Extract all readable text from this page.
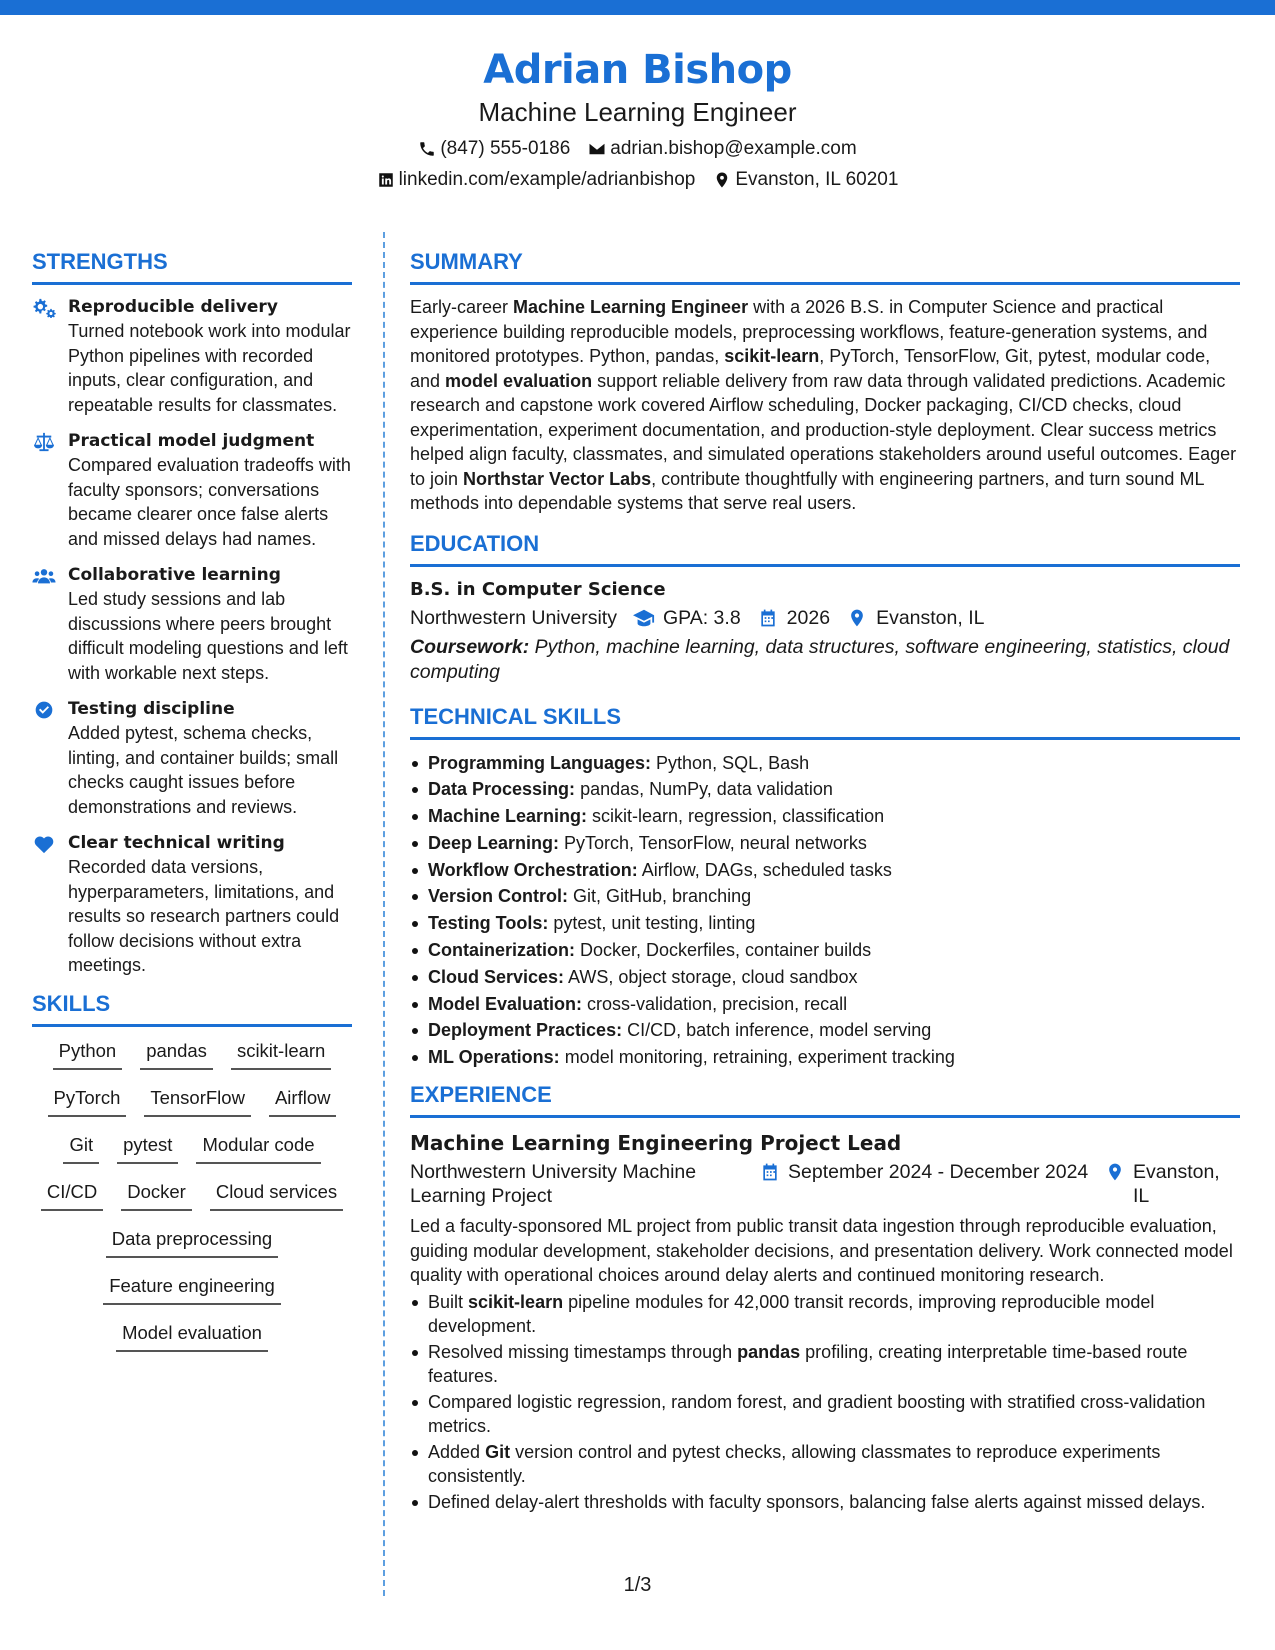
Adrian Bishop
Machine Learning Engineer
(847) 555-0186 adrian.bishop@example.com
linkedin.com/example/adrianbishop Evanston, IL 60201
STRENGTHS
Reproducible delivery
Turned notebook work into modular Python pipelines with recorded inputs, clear configuration, and repeatable results for classmates.
Practical model judgment
Compared evaluation tradeoffs with faculty sponsors; conversations became clearer once false alerts and missed delays had names.
Collaborative learning
Led study sessions and lab discussions where peers brought difficult modeling questions and left with workable next steps.
Testing discipline
Added pytest, schema checks, linting, and container builds; small checks caught issues before demonstrations and reviews.
Clear technical writing
Recorded data versions, hyperparameters, limitations, and results so research partners could follow decisions without extra meetings.
SKILLS
Python	pandas	scikit-learn
PyTorch	TensorFlow	Airflow
Git	pytest	Modular code
CI/CD	Docker	Cloud services
Data preprocessing
Feature engineering
Model evaluation
SUMMARY
Early-career Machine Learning Engineer with a 2026 B.S. in Computer Science and practical experience building reproducible models, preprocessing workflows, feature-generation systems, and monitored prototypes. Python, pandas, scikit-learn, PyTorch, TensorFlow, Git, pytest, modular code, and model evaluation support reliable delivery from raw data through validated predictions. Academic research and capstone work covered Airflow scheduling, Docker packaging, CI/CD checks, cloud experimentation, experiment documentation, and production-style deployment. Clear success metrics helped align faculty, classmates, and simulated operations stakeholders around useful outcomes. Eager to join Northstar Vector Labs, contribute thoughtfully with engineering partners, and turn sound ML methods into dependable systems that serve real users.
EDUCATION
B.S. in Computer Science
Northwestern University GPA: 3.8 2026 Evanston, IL
Coursework: Python, machine learning, data structures, software engineering, statistics, cloud computing
TECHNICAL SKILLS
Programming Languages: Python, SQL, Bash
Data Processing: pandas, NumPy, data validation
Machine Learning: scikit-learn, regression, classification
Deep Learning: PyTorch, TensorFlow, neural networks
Workflow Orchestration: Airflow, DAGs, scheduled tasks
Version Control: Git, GitHub, branching
Testing Tools: pytest, unit testing, linting
Containerization: Docker, Dockerfiles, container builds
Cloud Services: AWS, object storage, cloud sandbox
Model Evaluation: cross-validation, precision, recall
Deployment Practices: CI/CD, batch inference, model serving
ML Operations: model monitoring, retraining, experiment tracking
EXPERIENCE
Machine Learning Engineering Project Lead
Northwestern University Machine Learning Project
September 2024 - December 2024 Evanston, IL
Led a faculty-sponsored ML project from public transit data ingestion through reproducible evaluation, guiding modular development, stakeholder decisions, and presentation delivery. Work connected model quality with operational choices around delay alerts and continued monitoring research.
Built scikit-learn pipeline modules for 42,000 transit records, improving reproducible model development.
Resolved missing timestamps through pandas profiling, creating interpretable time-based route features.
Compared logistic regression, random forest, and gradient boosting with stratified cross-validation metrics.
Added Git version control and pytest checks, allowing classmates to reproduce experiments consistently.
Defined delay-alert thresholds with faculty sponsors, balancing false alerts against missed delays.
1/3
